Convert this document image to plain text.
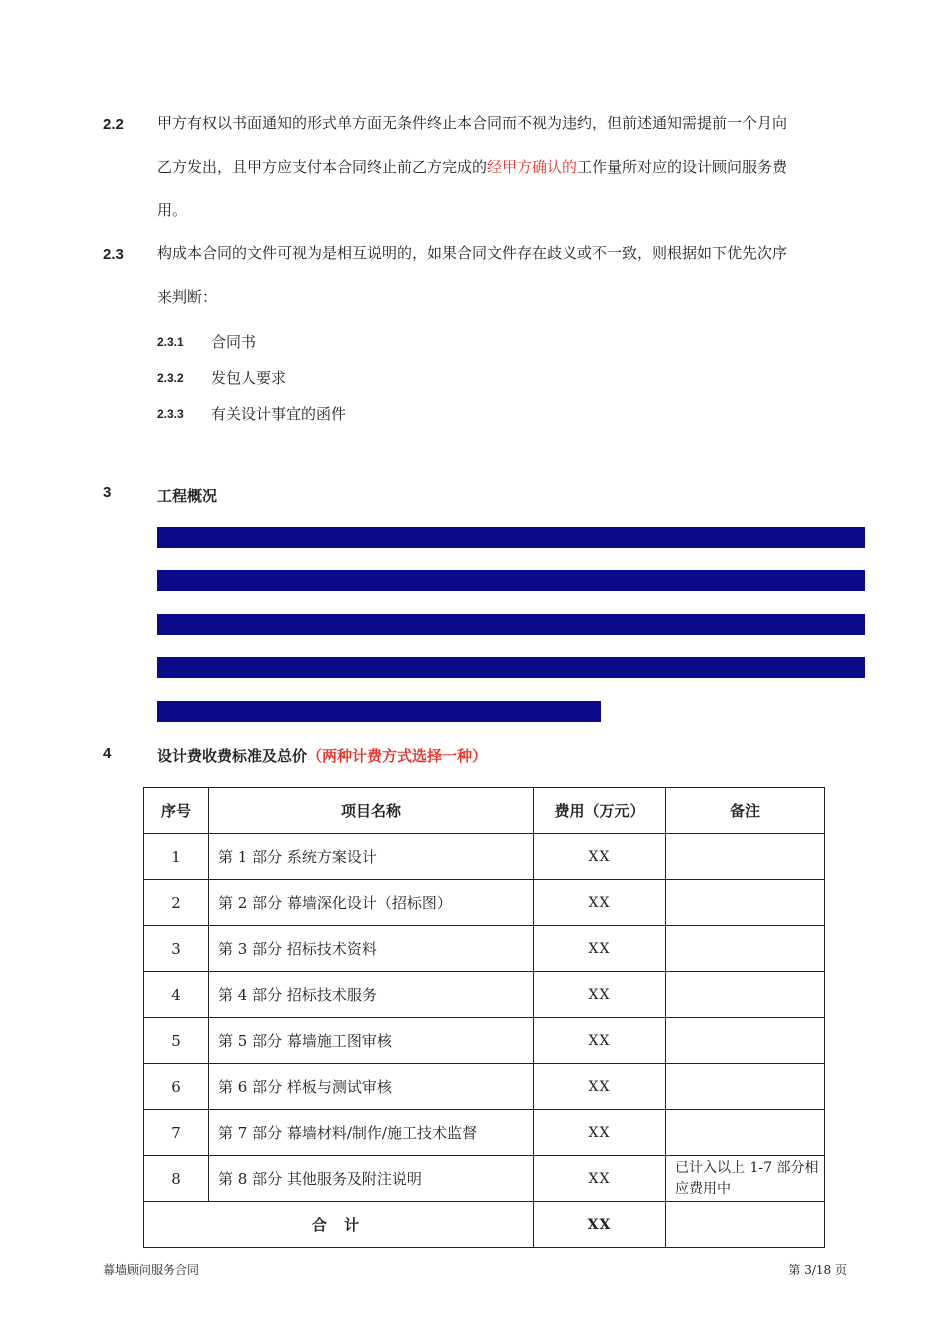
2.2 甲方有权以书面通知的形式单方面无条件终止本合同而不视为违约，但前述通知需提前一个月向
乙方发出，且甲方应支付本合同终止前乙方完成的经甲方确认的工作量所对应的设计顾问服务费
用。
2.3 构成本合同的文件可视为是相互说明的，如果合同文件存在歧义或不一致，则根据如下优先次序
来判断：
2.3.1 合同书
2.3.2 发包人要求
2.3.3 有关设计事宜的函件
3	工程概况
4	设计费收费标准及总价（两种计费方式选择一种）
序号	项目名称	费用（万元）	备注
1	第 1 部分 系统方案设计	XX	
2	第 2 部分 幕墙深化设计（招标图）	XX	
3	第 3 部分 招标技术资料	XX	
4	第 4 部分 招标技术服务	XX	
5	第 5 部分 幕墙施工图审核	XX	
6	第 6 部分 样板与测试审核	XX	
7	第 7 部分 幕墙材料/制作/施工技术监督	XX	
8	第 8 部分 其他服务及附注说明	XX	已计入以上 1-7 部分相应费用中
合 计		XX	
幕墙顾问服务合同	第 3/18 页
